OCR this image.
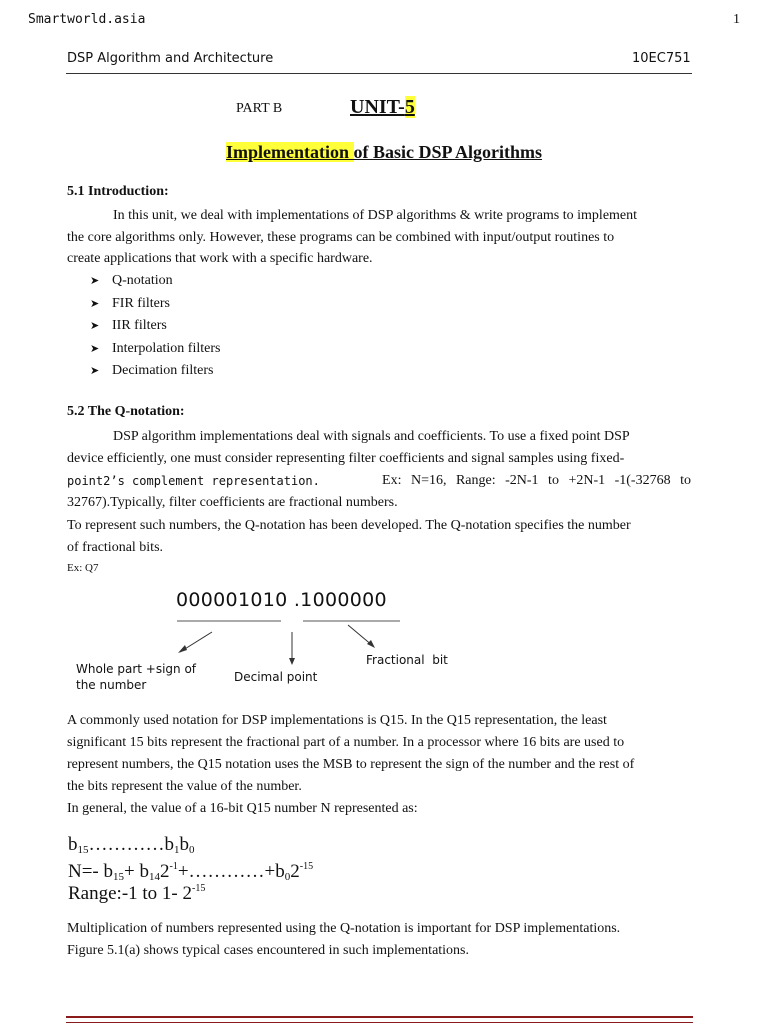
Smartworld.asia	1
DSP Algorithm and Architecture	10EC751
PART B	UNIT-5
Implementation of Basic DSP Algorithms
5.1 Introduction:
In this unit, we deal with implementations of DSP algorithms & write programs to implement
the core algorithms only. However, these programs can be combined with input/output routines to
create applications that work with a specific hardware.
➤ Q-notation
➤ FIR filters
➤ IIR filters
➤ Interpolation filters
➤ Decimation filters
5.2 The Q-notation:
DSP algorithm implementations deal with signals and coefficients. To use a fixed point DSP
device efficiently, one must consider representing filter coefficients and signal samples using fixed-
point2’s complement representation.	Ex: N=16, Range: -2N-1 to +2N-1 -1(-32768 to
32767).Typically, filter coefficients are fractional numbers.
To represent such numbers, the Q-notation has been developed. The Q-notation specifies the number
of fractional bits.
Ex: Q7
000001010 .1000000
Whole part +sign of
the number
Decimal point
Fractional  bit
A commonly used notation for DSP implementations is Q15. In the Q15 representation, the least
significant 15 bits represent the fractional part of a number. In a processor where 16 bits are used to
represent numbers, the Q15 notation uses the MSB to represent the sign of the number and the rest of
the bits represent the value of the number.
In general, the value of a 16-bit Q15 number N represented as:
$b_{15}\dots\dots\dots\dots b_1b_0$
N=- $b_{15}+$ $b_{14}2^{-1}+\dots\dots\dots\dots+b_02^{-15}$
Range:-1 to 1- $2^{-15}$
Multiplication of numbers represented using the Q-notation is important for DSP implementations.
Figure 5.1(a) shows typical cases encountered in such implementations.
